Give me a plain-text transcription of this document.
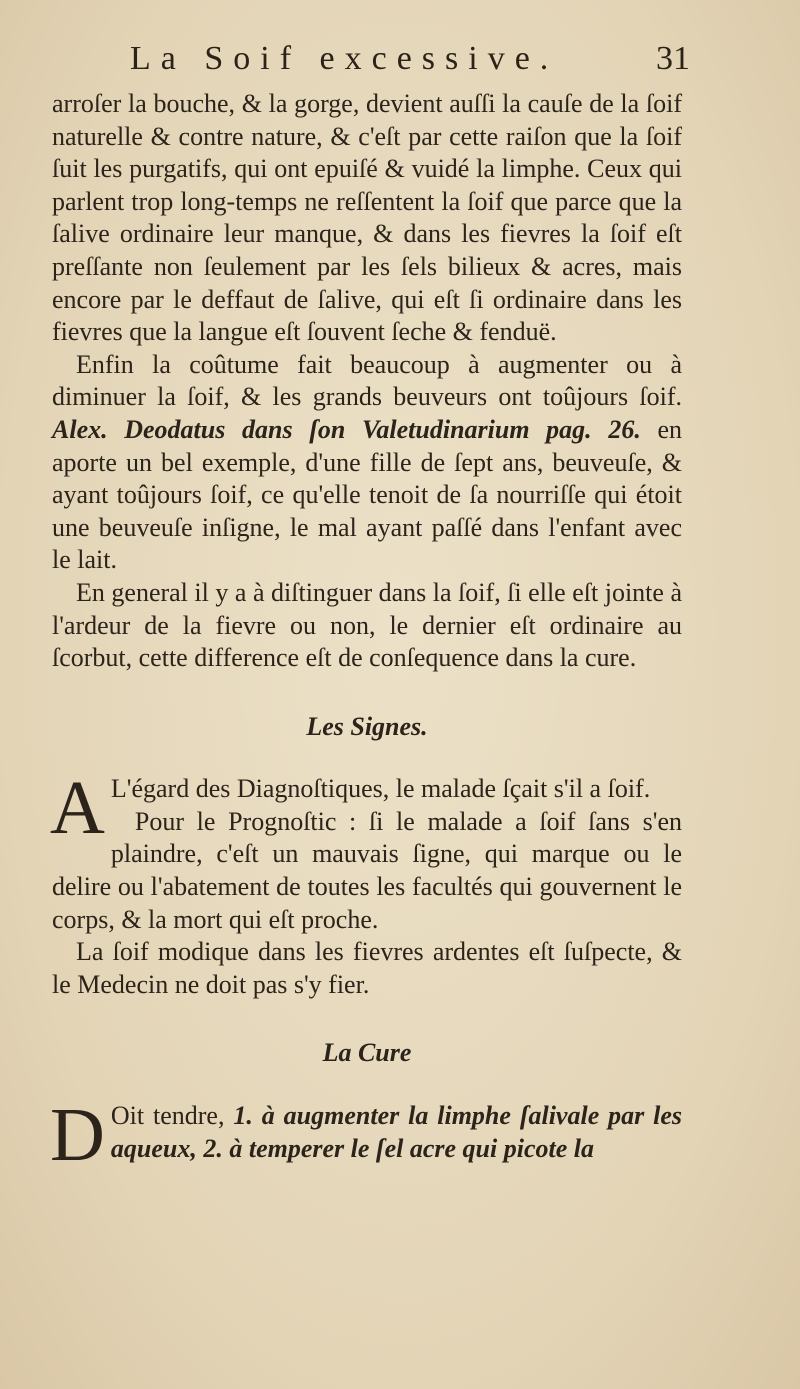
La Soif excessive.	31

arroſer la bouche, & la gorge, devient auſſi la cauſe de la ſoif naturelle & contre nature, & c'eſt par cette raiſon que la ſoif ſuit les purgatifs, qui ont epuiſé & vuidé la limphe. Ceux qui parlent trop long-temps ne reſſentent la ſoif que parce que la ſalive ordinaire leur manque, & dans les fievres la ſoif eſt preſſante non ſeulement par les ſels bilieux & acres, mais encore par le deffaut de ſalive, qui eſt ſi ordinaire dans les fievres que la langue eſt ſouvent ſeche & fenduë.

Enfin la coûtume fait beaucoup à augmenter ou à diminuer la ſoif, & les grands beuveurs ont toûjours ſoif. Alex. Deodatus dans ſon Valetudinarium pag. 26. en aporte un bel exemple, d'une fille de ſept ans, beuveuſe, & ayant toûjours ſoif, ce qu'elle tenoit de ſa nourriſſe qui étoit une beuveuſe inſigne, le mal ayant paſſé dans l'enfant avec le lait.

En general il y a à diſtinguer dans la ſoif, ſi elle eſt jointe à l'ardeur de la fievre ou non, le dernier eſt ordinaire au ſcorbut, cette difference eſt de conſequence dans la cure.

Les Signes.

A L'égard des Diagnoſtiques, le malade ſçait s'il a ſoif.

Pour le Prognoſtic : ſi le malade a ſoif ſans s'en plaindre, c'eſt un mauvais ſigne, qui marque ou le delire ou l'abatement de toutes les facultés qui gouvernent le corps, & la mort qui eſt proche.

La ſoif modique dans les fievres ardentes eſt ſuſpecte, & le Medecin ne doit pas s'y fier.

La Cure

D Oit tendre, 1. à augmenter la limphe ſalivale par les aqueux, 2. à temperer le ſel acre qui picote la
